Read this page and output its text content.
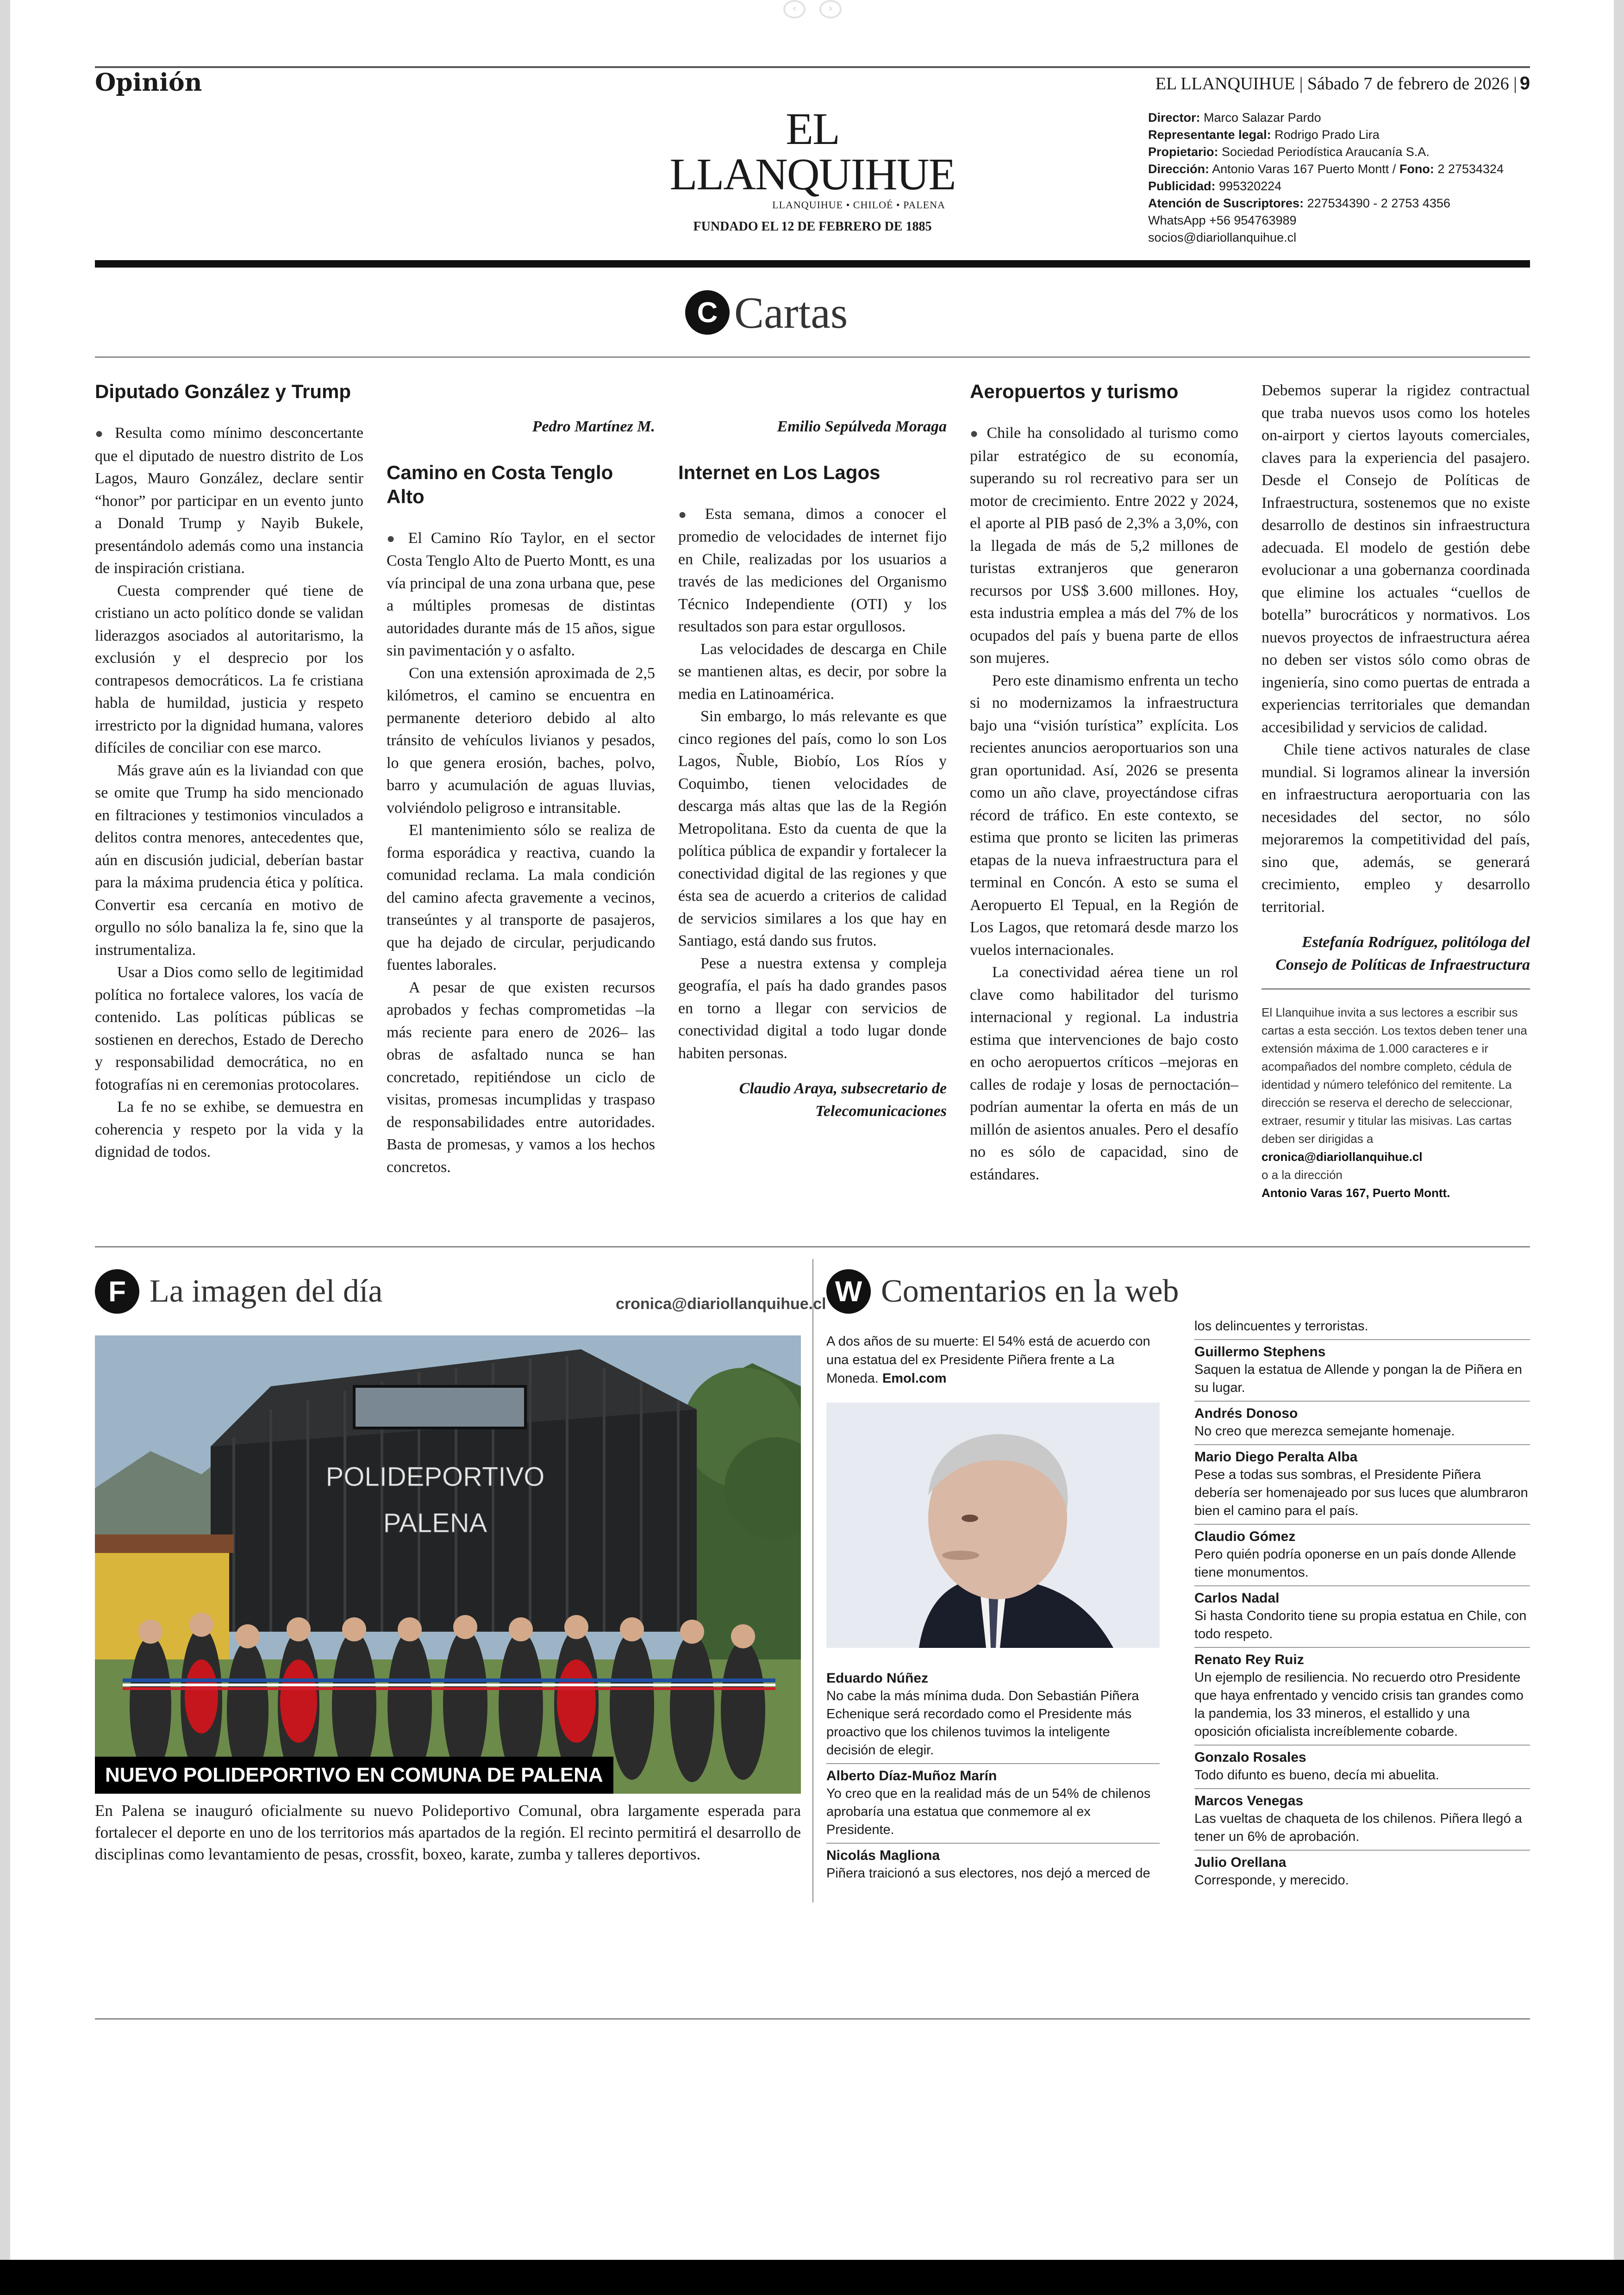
‹	›
Opinión	EL LLANQUIHUE | Sábado 7 de febrero de 2026 | 9
EL LLANQUIHUE
LLANQUIHUE • CHILOÉ • PALENA
FUNDADO EL 12 DE FEBRERO DE 1885
Director: Marco Salazar Pardo
Representante legal: Rodrigo Prado Lira
Propietario: Sociedad Periodística Araucanía S.A.
Dirección: Antonio Varas 167 Puerto Montt / Fono: 2 27534324
Publicidad: 995320224
Atención de Suscriptores: 227534390 - 2 2753 4356
WhatsApp +56 954763989
socios@diariollanquihue.cl
C Cartas
Diputado González y Trump

● Resulta como mínimo desconcertante que el diputado de nuestro distrito de Los Lagos, Mauro González, declare sentir “honor” por participar en un evento junto a Donald Trump y Nayib Bukele, presentándolo además como una instancia de inspiración cristiana.

Cuesta comprender qué tiene de cristiano un acto político donde se validan liderazgos asociados al autoritarismo, la exclusión y el desprecio por los contrapesos democráticos. La fe cristiana habla de humildad, justicia y respeto irrestricto por la dignidad humana, valores difíciles de conciliar con ese marco.

Más grave aún es la liviandad con que se omite que Trump ha sido mencionado en filtraciones y testimonios vinculados a delitos contra menores, antecedentes que, aún en discusión judicial, deberían bastar para la máxima prudencia ética y política. Convertir esa cercanía en motivo de orgullo no sólo banaliza la fe, sino que la instrumentaliza.

Usar a Dios como sello de legitimidad política no fortalece valores, los vacía de contenido. Las políticas públicas se sostienen en derechos, Estado de Derecho y responsabilidad democrática, no en fotografías ni en ceremonias protocolares.

La fe no se exhibe, se demuestra en coherencia y respeto por la vida y la dignidad de todos.

Pedro Martínez M.

Camino en Costa Tenglo Alto

● El Camino Río Taylor, en el sector Costa Tenglo Alto de Puerto Montt, es una vía principal de una zona urbana que, pese a múltiples promesas de distintas autoridades durante más de 15 años, sigue sin pavimentación y o asfalto.

Con una extensión aproximada de 2,5 kilómetros, el camino se encuentra en permanente deterioro debido al alto tránsito de vehículos livianos y pesados, lo que genera erosión, baches, polvo, barro y acumulación de aguas lluvias, volviéndolo peligroso e intransitable.

El mantenimiento sólo se realiza de forma esporádica y reactiva, cuando la comunidad reclama. La mala condición del camino afecta gravemente a vecinos, transeúntes y al transporte de pasajeros, que ha dejado de circular, perjudicando fuentes laborales.

A pesar de que existen recursos aprobados y fechas comprometidas –la más reciente para enero de 2026– las obras de asfaltado nunca se han concretado, repitiéndose un ciclo de visitas, promesas incumplidas y traspaso de responsabilidades entre autoridades. Basta de promesas, y vamos a los hechos concretos.

Emilio Sepúlveda Moraga

Internet en Los Lagos

● Esta semana, dimos a conocer el promedio de velocidades de internet fijo en Chile, realizadas por los usuarios a través de las mediciones del Organismo Técnico Independiente (OTI) y los resultados son para estar orgullosos.

Las velocidades de descarga en Chile se mantienen altas, es decir, por sobre la media en Latinoamérica.

Sin embargo, lo más relevante es que cinco regiones del país, como lo son Los Lagos, Ñuble, Biobío, Los Ríos y Coquimbo, tienen velocidades de descarga más altas que las de la Región Metropolitana. Esto da cuenta de que la política pública de expandir y fortalecer la conectividad digital de las regiones y que ésta sea de acuerdo a criterios de calidad de servicios similares a los que hay en Santiago, está dando sus frutos.

Pese a nuestra extensa y compleja geografía, el país ha dado grandes pasos en torno a llegar con servicios de conectividad digital a todo lugar donde habiten personas.

Claudio Araya, subsecretario de Telecomunicaciones

Aeropuertos y turismo

● Chile ha consolidado al turismo como pilar estratégico de su economía, superando su rol recreativo para ser un motor de crecimiento. Entre 2022 y 2024, el aporte al PIB pasó de 2,3% a 3,0%, con la llegada de más de 5,2 millones de turistas extranjeros que generaron recursos por US$ 3.600 millones. Hoy, esta industria emplea a más del 7% de los ocupados del país y buena parte de ellos son mujeres.

Pero este dinamismo enfrenta un techo si no modernizamos la infraestructura bajo una “visión turística” explícita. Los recientes anuncios aeroportuarios son una gran oportunidad. Así, 2026 se presenta como un año clave, proyectándose cifras récord de tráfico. En este contexto, se estima que pronto se liciten las primeras etapas de la nueva infraestructura para el terminal en Concón. A esto se suma el Aeropuerto El Tepual, en la Región de Los Lagos, que retomará desde marzo los vuelos internacionales.

La conectividad aérea tiene un rol clave como habilitador del turismo internacional y regional. La industria estima que intervenciones de bajo costo en ocho aeropuertos críticos –mejoras en calles de rodaje y losas de pernoctación– podrían aumentar la oferta en más de un millón de asientos anuales. Pero el desafío no es sólo de capacidad, sino de estándares.

Debemos superar la rigidez contractual que traba nuevos usos como los hoteles on-airport y ciertos layouts comerciales, claves para la experiencia del pasajero. Desde el Consejo de Políticas de Infraestructura, sostenemos que no existe desarrollo de destinos sin infraestructura adecuada. El modelo de gestión debe evolucionar a una gobernanza coordinada que elimine los actuales “cuellos de botella” burocráticos y normativos. Los nuevos proyectos de infraestructura aérea no deben ser vistos sólo como obras de ingeniería, sino como puertas de entrada a experiencias territoriales que demandan accesibilidad y servicios de calidad.

Chile tiene activos naturales de clase mundial. Si logramos alinear la inversión en infraestructura aeroportuaria con las necesidades del sector, no sólo mejoraremos la competitividad del país, sino que, además, se generará crecimiento, empleo y desarrollo territorial.

Estefanía Rodríguez, politóloga del Consejo de Políticas de Infraestructura

El Llanquihue invita a sus lectores a escribir sus cartas a esta sección. Los textos deben tener una extensión máxima de 1.000 caracteres e ir acompañados del nombre completo, cédula de identidad y número telefónico del remitente. La dirección se reserva el derecho de seleccionar, extraer, resumir y titular las misivas. Las cartas deben ser dirigidas a
cronica@diariollanquihue.cl
o a la dirección
Antonio Varas 167, Puerto Montt.
F La imagen del día	cronica@diariollanquihue.cl
POLIDEPORTIVO
PALENA
NUEVO POLIDEPORTIVO EN COMUNA DE PALENA
En Palena se inauguró oficialmente su nuevo Polideportivo Comunal, obra largamente esperada para fortalecer el deporte en uno de los territorios más apartados de la región. El recinto permitirá el desarrollo de disciplinas como levantamiento de pesas, crossfit, boxeo, karate, zumba y talleres deportivos.
W Comentarios en la web
A dos años de su muerte: El 54% está de acuerdo con una estatua del ex Presidente Piñera frente a La Moneda. Emol.com
Eduardo Núñez
No cabe la más mínima duda. Don Sebastián Piñera Echenique será recordado como el Presidente más proactivo que los chilenos tuvimos la inteligente decisión de elegir.
Alberto Díaz-Muñoz Marín
Yo creo que en la realidad más de un 54% de chilenos aprobaría una estatua que conmemore al ex Presidente.
Nicolás Magliona
Piñera traicionó a sus electores, nos dejó a merced de
los delincuentes y terroristas.
Guillermo Stephens
Saquen la estatua de Allende y pongan la de Piñera en su lugar.
Andrés Donoso
No creo que merezca semejante homenaje.
Mario Diego Peralta Alba
Pese a todas sus sombras, el Presidente Piñera debería ser homenajeado por sus luces que alumbraron bien el camino para el país.
Claudio Gómez
Pero quién podría oponerse en un país donde Allende tiene monumentos.
Carlos Nadal
Si hasta Condorito tiene su propia estatua en Chile, con todo respeto.
Renato Rey Ruiz
Un ejemplo de resiliencia. No recuerdo otro Presidente que haya enfrentado y vencido crisis tan grandes como la pandemia, los 33 mineros, el estallido y una oposición oficialista increíblemente cobarde.
Gonzalo Rosales
Todo difunto es bueno, decía mi abuelita.
Marcos Venegas
Las vueltas de chaqueta de los chilenos. Piñera llegó a tener un 6% de aprobación.
Julio Orellana
Corresponde, y merecido.
